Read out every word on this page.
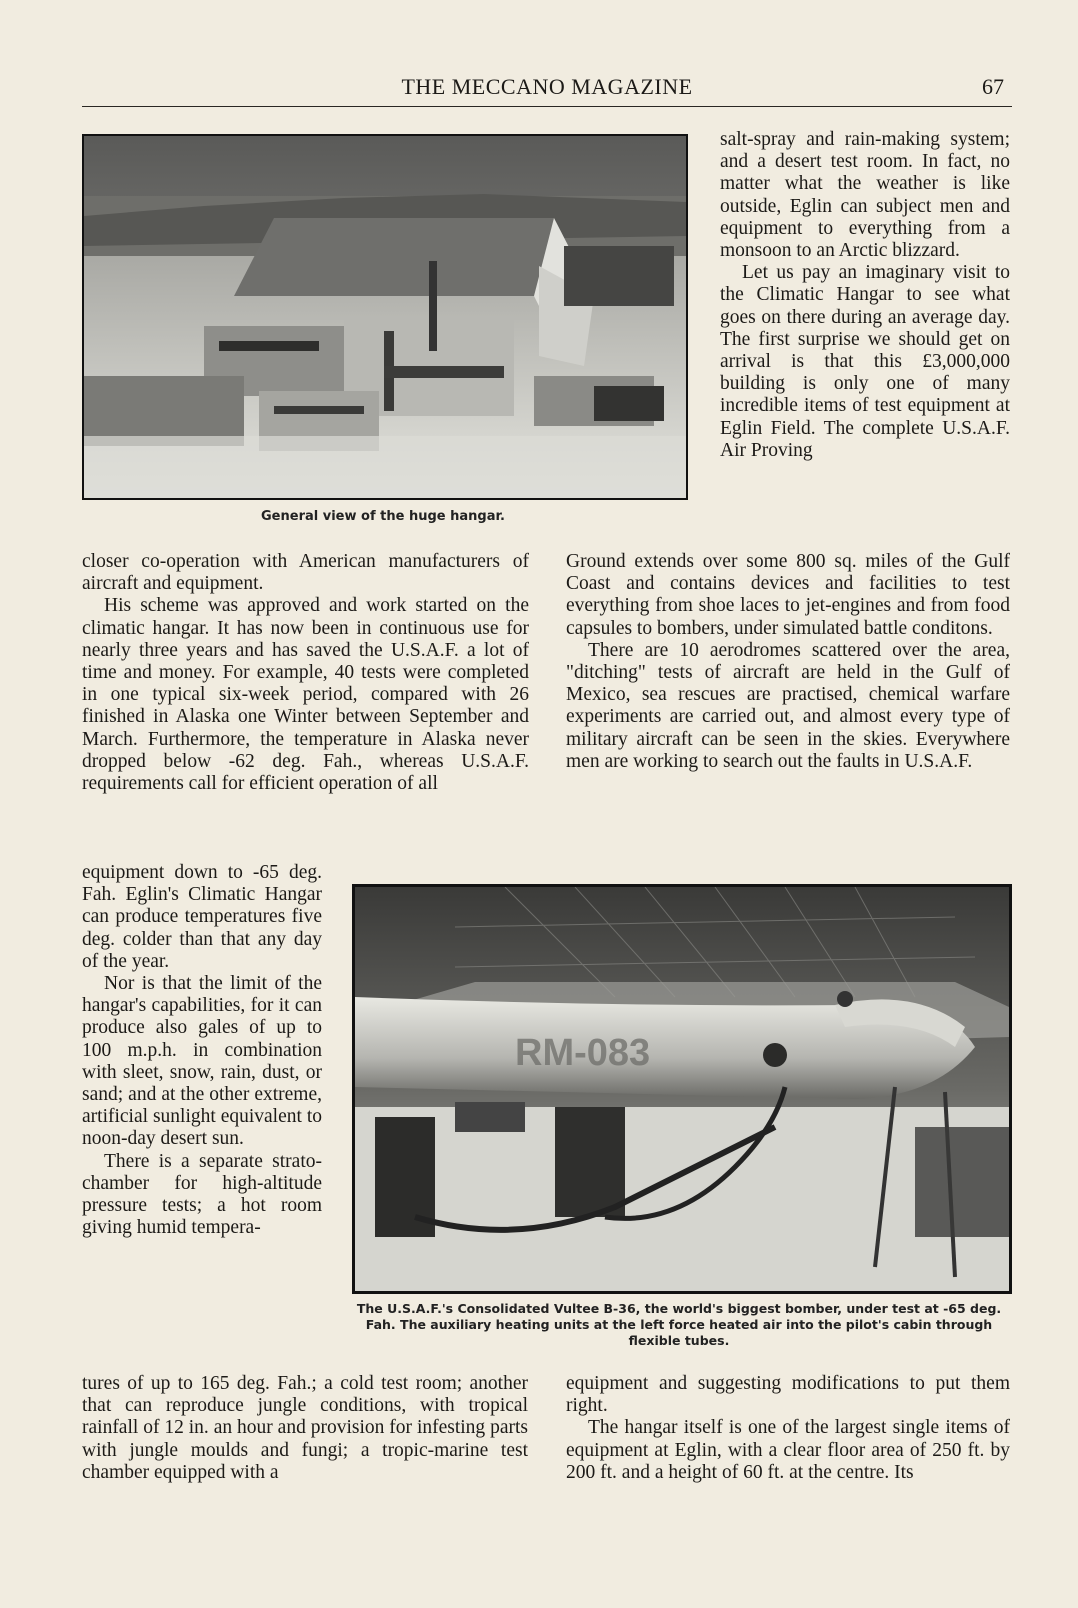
THE MECCANO MAGAZINE	67
General view of the huge hangar.
RM-083
The U.S.A.F.'s Consolidated Vultee B-36, the world's biggest bomber, under test at -65 deg. Fah. The auxiliary heating units at the left force heated air into the pilot's cabin through flexible tubes.

salt-spray and rain-making system; and a desert test room. In fact, no matter what the weather is like outside, Eglin can subject men and equipment to everything from a monsoon to an Arctic blizzard.

Let us pay an imaginary visit to the Climatic Hangar to see what goes on there during an average day. The first surprise we should get on arrival is that this £3,000,000 building is only one of many incredible items of test equipment at Eglin Field. The complete U.S.A.F. Air Proving

closer co-operation with American manufacturers of aircraft and equipment.

His scheme was approved and work started on the climatic hangar. It has now been in continuous use for nearly three years and has saved the U.S.A.F. a lot of time and money. For example, 40 tests were completed in one typical six-week period, compared with 26 finished in Alaska one Winter between September and March. Furthermore, the temperature in Alaska never dropped below -62 deg. Fah., whereas U.S.A.F. requirements call for efficient operation of all

Ground extends over some 800 sq. miles of the Gulf Coast and contains devices and facilities to test everything from shoe laces to jet-engines and from food capsules to bombers, under simulated battle conditons.

There are 10 aerodromes scattered over the area, "ditching" tests of aircraft are held in the Gulf of Mexico, sea rescues are practised, chemical warfare experiments are carried out, and almost every type of military aircraft can be seen in the skies. Everywhere men are working to search out the faults in U.S.A.F.

equipment down to -65 deg. Fah. Eglin's Climatic Hangar can produce temperatures five deg. colder than that any day of the year.

Nor is that the limit of the hangar's capabilities, for it can produce also gales of up to 100 m.p.h. in combination with sleet, snow, rain, dust, or sand; and at the other extreme, artificial sunlight equivalent to noon-day desert sun.

There is a separate strato-chamber for high-altitude pressure tests; a hot room giving humid tempera-

tures of up to 165 deg. Fah.; a cold test room; another that can reproduce jungle conditions, with tropical rainfall of 12 in. an hour and provision for infesting parts with jungle moulds and fungi; a tropic-marine test chamber equipped with a

equipment and suggesting modifications to put them right.

The hangar itself is one of the largest single items of equipment at Eglin, with a clear floor area of 250 ft. by 200 ft. and a height of 60 ft. at the centre. Its
